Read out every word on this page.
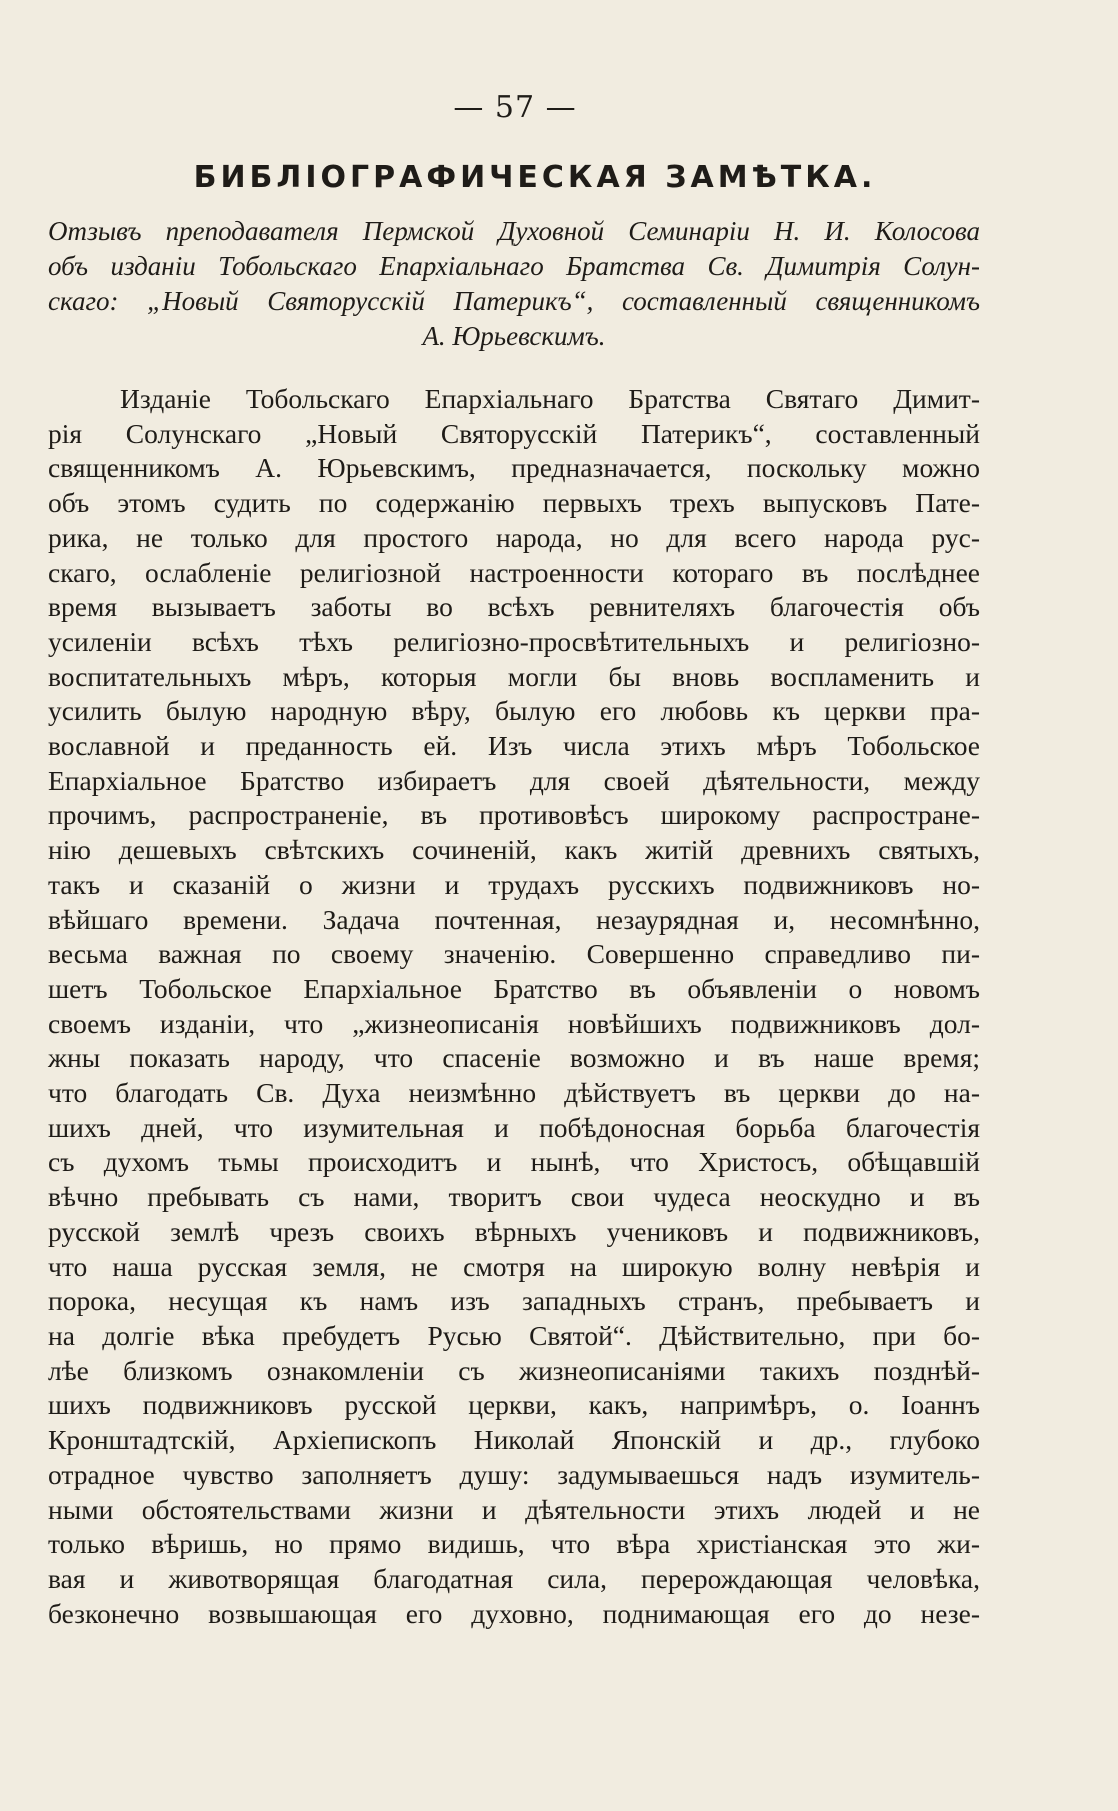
— 57 —
БИБЛІОГРАФИЧЕСКАЯ ЗАМѢТКА.
Отзывъ преподавателя Пермской Духовной Семинаріи Н. И. Колосова
объ изданіи Тобольскаго Епархіальнаго Братства Св. Димитрія Солун-
скаго: „Новый Святорусскій Патерикъ“, составленный священникомъ
А. Юрьевскимъ.
Изданіе Тобольскаго Епархіальнаго Братства Святаго Димит-
рія Солунскаго „Новый Святорусскій Патерикъ“, составленный
священникомъ А. Юрьевскимъ, предназначается, поскольку можно
объ этомъ судить по содержанію первыхъ трехъ выпусковъ Пате-
рика, не только для простого народа, но для всего народа рус-
скаго, ослабленіе религіозной настроенности котораго въ послѣднее
время вызываетъ заботы во всѣхъ ревнителяхъ благочестія объ
усиленіи всѣхъ тѣхъ религіозно-просвѣтительныхъ и религіозно-
воспитательныхъ мѣръ, которыя могли бы вновь воспламенить и
усилить былую народную вѣру, былую его любовь къ церкви пра-
вославной и преданность ей. Изъ числа этихъ мѣръ Тобольское
Епархіальное Братство избираетъ для своей дѣятельности, между
прочимъ, распространеніе, въ противовѣсъ широкому распростране-
нію дешевыхъ свѣтскихъ сочиненій, какъ житій древнихъ святыхъ,
такъ и сказаній о жизни и трудахъ русскихъ подвижниковъ но-
вѣйшаго времени. Задача почтенная, незаурядная и, несомнѣнно,
весьма важная по своему значенію. Совершенно справедливо пи-
шетъ Тобольское Епархіальное Братство въ объявленіи о новомъ
своемъ изданіи, что „жизнеописанія новѣйшихъ подвижниковъ дол-
жны показать народу, что спасеніе возможно и въ наше время;
что благодать Св. Духа неизмѣнно дѣйствуетъ въ церкви до на-
шихъ дней, что изумительная и побѣдоносная борьба благочестія
съ духомъ тьмы происходитъ и нынѣ, что Христосъ, обѣщавшій
вѣчно пребывать съ нами, творитъ свои чудеса неоскудно и въ
русской землѣ чрезъ своихъ вѣрныхъ учениковъ и подвижниковъ,
что наша русская земля, не смотря на широкую волну невѣрія и
порока, несущая къ намъ изъ западныхъ странъ, пребываетъ и
на долгіе вѣка пребудетъ Русью Святой“. Дѣйствительно, при бо-
лѣе близкомъ ознакомленіи съ жизнеописаніями такихъ позднѣй-
шихъ подвижниковъ русской церкви, какъ, напримѣръ, о. Іоаннъ
Кронштадтскій, Архіепископъ Николай Японскій и др., глубоко
отрадное чувство заполняетъ душу: задумываешься надъ изумитель-
ными обстоятельствами жизни и дѣятельности этихъ людей и не
только вѣришь, но прямо видишь, что вѣра христіанская это жи-
вая и животворящая благодатная сила, перерождающая человѣка,
безконечно возвышающая его духовно, поднимающая его до незе-
